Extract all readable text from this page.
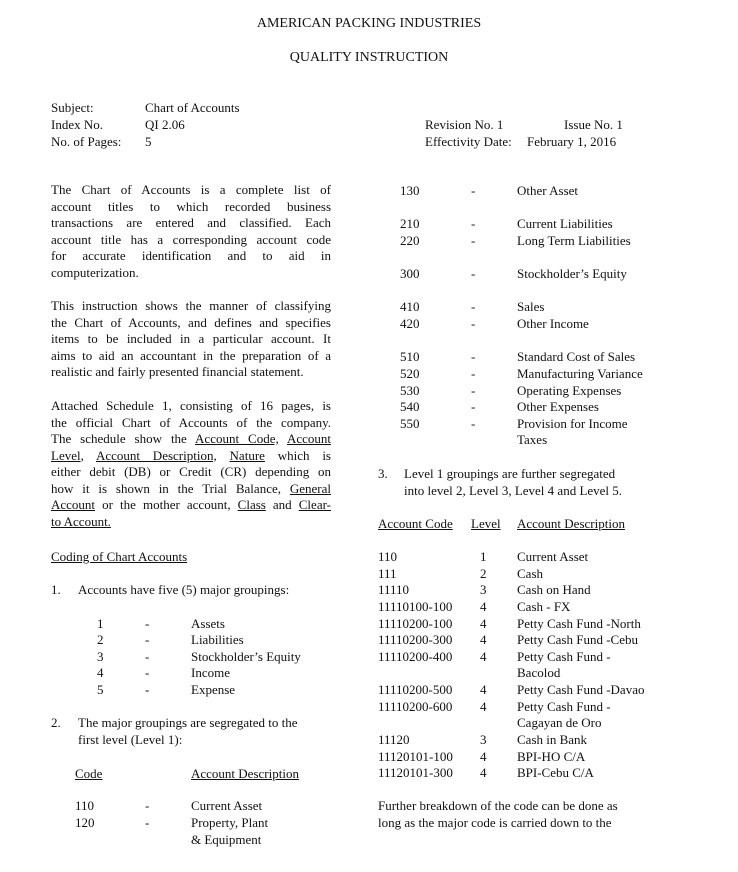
AMERICAN PACKING INDUSTRIES
QUALITY INSTRUCTION
Subject:	Chart of Accounts
Index No.	QI 2.06
No. of Pages: 5
Revision No. 1	Issue No. 1
Effectivity Date: February 1, 2016
The Chart of Accounts is a complete list of
account titles to which recorded business
transactions are entered and classified. Each
account title has a corresponding account code
for accurate identification and to aid in
computerization.
This instruction shows the manner of classifying
the Chart of Accounts, and defines and specifies
items to be included in a particular account. It
aims to aid an accountant in the preparation of a
realistic and fairly presented financial statement.
Attached Schedule 1, consisting of 16 pages, is
the official Chart of Accounts of the company.
The schedule show the Account Code, Account
Level, Account Description, Nature which is
either debit (DB) or Credit (CR) depending on
how it is shown in the Trial Balance, General
Account or the mother account, Class and Clear-
to Account.
Coding of Chart Accounts
1. Accounts have five (5) major groupings:
1	-	Assets
2	-	Liabilities
3	-	Stockholder’s Equity
4	-	Income
5	-	Expense
2. The major groupings are segregated to the
first level (Level 1):
Code	Account Description
110	-	Current Asset
120	-	Property, Plant
& Equipment
130	-	Other Asset
210	-	Current Liabilities
220	-	Long Term Liabilities
300	-	Stockholder’s Equity
410	-	Sales
420	-	Other Income
510	-	Standard Cost of Sales
520	-	Manufacturing Variance
530	-	Operating Expenses
540	-	Other Expenses
550	-	Provision for Income
Taxes
3. Level 1 groupings are further segregated
into level 2, Level 3, Level 4 and Level 5.
Account Code Level Account Description
110	1 Current Asset
111	2 Cash
11110	3 Cash on Hand
11110100-100 4 Cash - FX
11110200-100 4 Petty Cash Fund -North
11110200-300 4 Petty Cash Fund -Cebu
11110200-400 4 Petty Cash Fund -
Bacolod
11110200-500 4 Petty Cash Fund -Davao
11110200-600 4 Petty Cash Fund -
Cagayan de Oro
11120	3 Cash in Bank
11120101-100 4 BPI-HO C/A
11120101-300 4 BPI-Cebu C/A
Further breakdown of the code can be done as
long as the major code is carried down to the
